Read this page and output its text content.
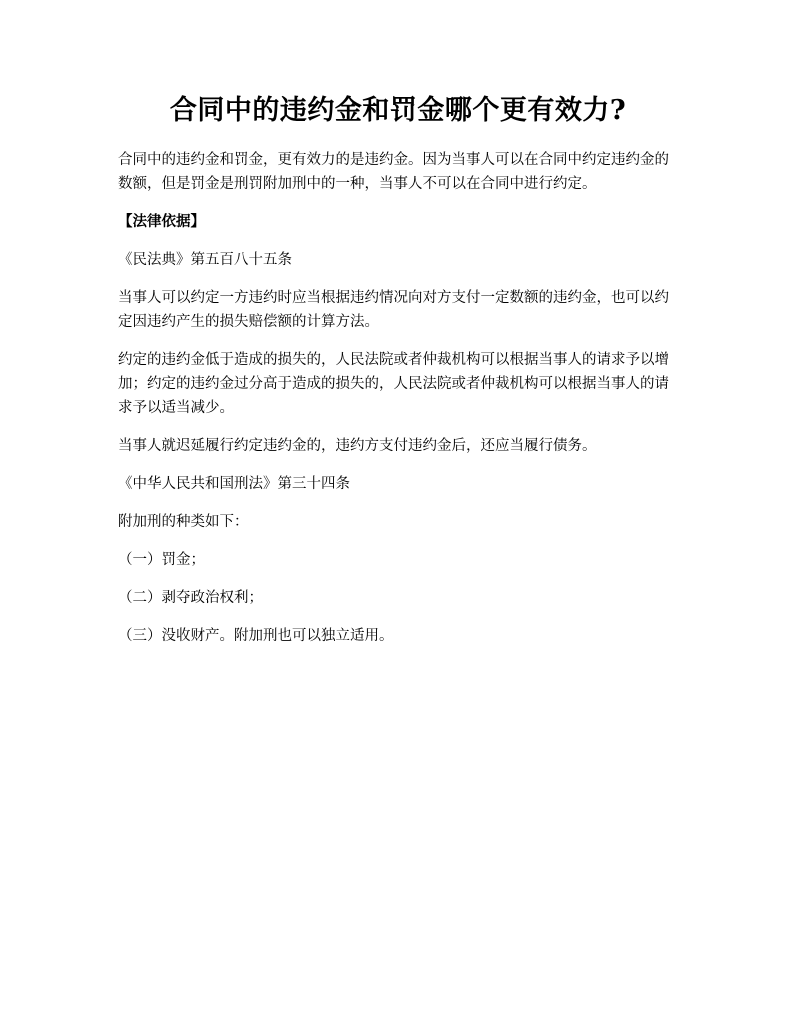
合同中的违约金和罚金哪个更有效力?

合同中的违约金和罚金，更有效力的是违约金。因为当事人可以在合同中约定违约金的数额，但是罚金是刑罚附加刑中的一种，当事人不可以在合同中进行约定。

【法律依据】

《民法典》第五百八十五条

当事人可以约定一方违约时应当根据违约情况向对方支付一定数额的违约金，也可以约定因违约产生的损失赔偿额的计算方法。

约定的违约金低于造成的损失的，人民法院或者仲裁机构可以根据当事人的请求予以增加；约定的违约金过分高于造成的损失的，人民法院或者仲裁机构可以根据当事人的请求予以适当减少。

当事人就迟延履行约定违约金的，违约方支付违约金后，还应当履行债务。

《中华人民共和国刑法》第三十四条

附加刑的种类如下：

（一）罚金；

（二）剥夺政治权利；

（三）没收财产。附加刑也可以独立适用。
